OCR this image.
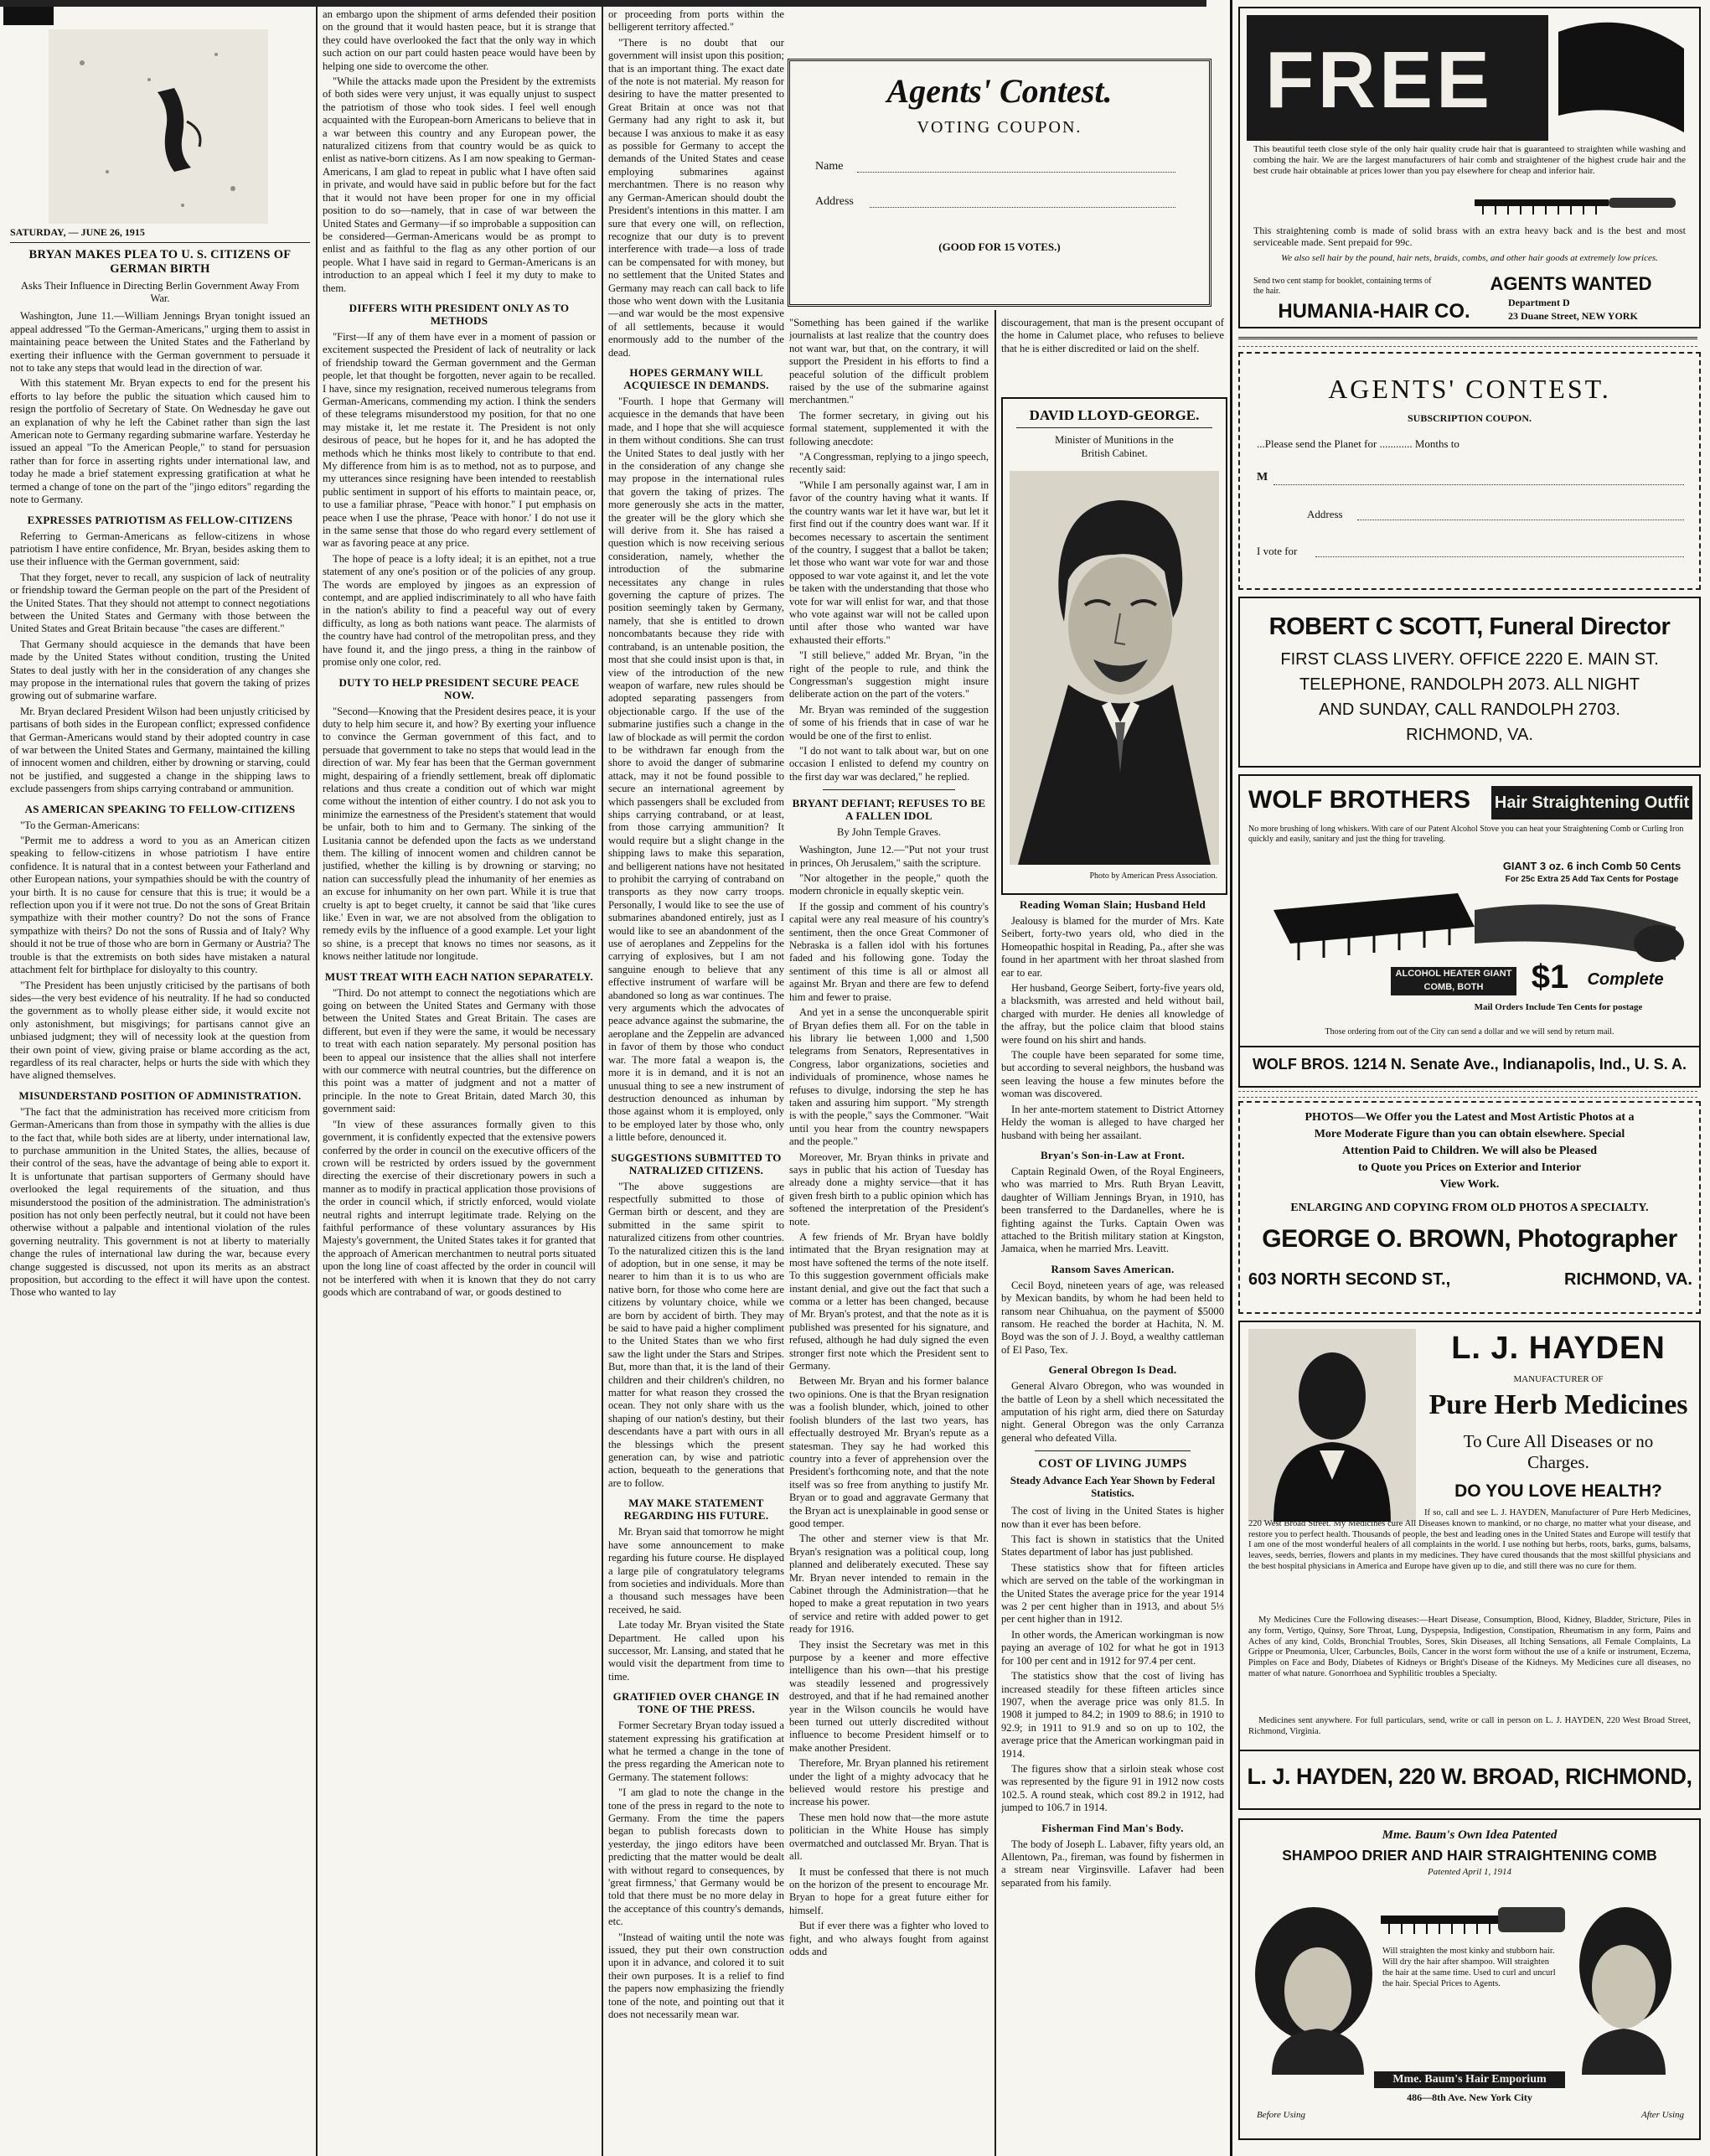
SATURDAY, — JUNE 26, 1915
BRYAN MAKES PLEA TO U. S. CITIZENS OF GERMAN BIRTH
Asks Their Influence in Directing Berlin Government Away From War.

Washington, June 11.—William Jennings Bryan tonight issued an appeal addressed "To the German-Americans," urging them to assist in maintaining peace between the United States and the Fatherland by exerting their influence with the German government to persuade it not to take any steps that would lead in the direction of war.

With this statement Mr. Bryan expects to end for the present his efforts to lay before the public the situation which caused him to resign the portfolio of Secretary of State. On Wednesday he gave out an explanation of why he left the Cabinet rather than sign the last American note to Germany regarding submarine warfare. Yesterday he issued an appeal "To the American People," to stand for persuasion rather than for force in asserting rights under international law, and today he made a brief statement expressing gratification at what he termed a change of tone on the part of the "jingo editors" regarding the note to Germany.

EXPRESSES PATRIOTISM AS FELLOW-CITIZENS

Referring to German-Americans as fellow-citizens in whose patriotism I have entire confidence, Mr. Bryan, besides asking them to use their influence with the German government, said:

That they forget, never to recall, any suspicion of lack of neutrality or friendship toward the German people on the part of the President of the United States. That they should not attempt to connect negotiations between the United States and Germany with those between the United States and Great Britain because "the cases are different."

That Germany should acquiesce in the demands that have been made by the United States without condition, trusting the United States to deal justly with her in the consideration of any changes she may propose in the international rules that govern the taking of prizes growing out of submarine warfare.

Mr. Bryan declared President Wilson had been unjustly criticised by partisans of both sides in the European conflict; expressed confidence that German-Americans would stand by their adopted country in case of war between the United States and Germany, maintained the killing of innocent women and children, either by drowning or starving, could not be justified, and suggested a change in the shipping laws to exclude passengers from ships carrying contraband or ammunition.

AS AMERICAN SPEAKING TO FELLOW-CITIZENS

"To the German-Americans:

"Permit me to address a word to you as an American citizen speaking to fellow-citizens in whose patriotism I have entire confidence. It is natural that in a contest between your Fatherland and other European nations, your sympathies should be with the country of your birth. It is no cause for censure that this is true; it would be a reflection upon you if it were not true. Do not the sons of Great Britain sympathize with their mother country? Do not the sons of France sympathize with theirs? Do not the sons of Russia and of Italy? Why should it not be true of those who are born in Germany or Austria? The trouble is that the extremists on both sides have mistaken a natural attachment felt for birthplace for disloyalty to this country.

"The President has been unjustly criticised by the partisans of both sides—the very best evidence of his neutrality. If he had so conducted the government as to wholly please either side, it would excite not only astonishment, but misgivings; for partisans cannot give an unbiased judgment; they will of necessity look at the question from their own point of view, giving praise or blame according as the act, regardless of its real character, helps or hurts the side with which they have aligned themselves.

MISUNDERSTAND POSITION OF ADMINISTRATION.

"The fact that the administration has received more criticism from German-Americans than from those in sympathy with the allies is due to the fact that, while both sides are at liberty, under international law, to purchase ammunition in the United States, the allies, because of their control of the seas, have the advantage of being able to export it. It is unfortunate that partisan supporters of Germany should have overlooked the legal requirements of the situation, and thus misunderstood the position of the administration. The administration's position has not only been perfectly neutral, but it could not have been otherwise without a palpable and intentional violation of the rules governing neutrality. This government is not at liberty to materially change the rules of international law during the war, because every change suggested is discussed, not upon its merits as an abstract proposition, but according to the effect it will have upon the contest. Those who wanted to lay

an embargo upon the shipment of arms defended their position on the ground that it would hasten peace, but it is strange that they could have overlooked the fact that the only way in which such action on our part could hasten peace would have been by helping one side to overcome the other.

"While the attacks made upon the President by the extremists of both sides were very unjust, it was equally unjust to suspect the patriotism of those who took sides. I feel well enough acquainted with the European-born Americans to believe that in a war between this country and any European power, the naturalized citizens from that country would be as quick to enlist as native-born citizens. As I am now speaking to German-Americans, I am glad to repeat in public what I have often said in private, and would have said in public before but for the fact that it would not have been proper for one in my official position to do so—namely, that in case of war between the United States and Germany—if so improbable a supposition can be considered—German-Americans would be as prompt to enlist and as faithful to the flag as any other portion of our people. What I have said in regard to German-Americans is an introduction to an appeal which I feel it my duty to make to them.

DIFFERS WITH PRESIDENT ONLY AS TO METHODS

"First—If any of them have ever in a moment of passion or excitement suspected the President of lack of neutrality or lack of friendship toward the German government and the German people, let that thought be forgotten, never again to be recalled. I have, since my resignation, received numerous telegrams from German-Americans, commending my action. I think the senders of these telegrams misunderstood my position, for that no one may mistake it, let me restate it. The President is not only desirous of peace, but he hopes for it, and he has adopted the methods which he thinks most likely to contribute to that end. My difference from him is as to method, not as to purpose, and my utterances since resigning have been intended to reestablish public sentiment in support of his efforts to maintain peace, or, to use a familiar phrase, "Peace with honor." I put emphasis on peace when I use the phrase, 'Peace with honor.' I do not use it in the same sense that those do who regard every settlement of war as favoring peace at any price.

The hope of peace is a lofty ideal; it is an epithet, not a true statement of any one's position or of the policies of any group. The words are employed by jingoes as an expression of contempt, and are applied indiscriminately to all who have faith in the nation's ability to find a peaceful way out of every difficulty, as long as both nations want peace. The alarmists of the country have had control of the metropolitan press, and they have found it, and the jingo press, a thing in the rainbow of promise only one color, red.

DUTY TO HELP PRESIDENT SECURE PEACE NOW.

"Second—Knowing that the President desires peace, it is your duty to help him secure it, and how? By exerting your influence to convince the German government of this fact, and to persuade that government to take no steps that would lead in the direction of war. My fear has been that the German government might, despairing of a friendly settlement, break off diplomatic relations and thus create a condition out of which war might come without the intention of either country. I do not ask you to minimize the earnestness of the President's statement that would be unfair, both to him and to Germany. The sinking of the Lusitania cannot be defended upon the facts as we understand them. The killing of innocent women and children cannot be justified, whether the killing is by drowning or starving; no nation can successfully plead the inhumanity of her enemies as an excuse for inhumanity on her own part. While it is true that cruelty is apt to beget cruelty, it cannot be said that 'like cures like.' Even in war, we are not absolved from the obligation to remedy evils by the influence of a good example. Let your light so shine, is a precept that knows no times nor seasons, as it knows neither latitude nor longitude.

MUST TREAT WITH EACH NATION SEPARATELY.

"Third. Do not attempt to connect the negotiations which are going on between the United States and Germany with those between the United States and Great Britain. The cases are different, but even if they were the same, it would be necessary to treat with each nation separately. My personal position has been to appeal our insistence that the allies shall not interfere with our commerce with neutral countries, but the difference on this point was a matter of judgment and not a matter of principle. In the note to Great Britain, dated March 30, this government said:

"In view of these assurances formally given to this government, it is confidently expected that the extensive powers conferred by the order in council on the executive officers of the crown will be restricted by orders issued by the government directing the exercise of their discretionary powers in such a manner as to modify in practical application those provisions of the order in council which, if strictly enforced, would violate neutral rights and interrupt legitimate trade. Relying on the faithful performance of these voluntary assurances by His Majesty's government, the United States takes it for granted that the approach of American merchantmen to neutral ports situated upon the long line of coast affected by the order in council will not be interfered with when it is known that they do not carry goods which are contraband of war, or goods destined to

or proceeding from ports within the belligerent territory affected."

"There is no doubt that our government will insist upon this position; that is an important thing. The exact date of the note is not material. My reason for desiring to have the matter presented to Great Britain at once was not that Germany had any right to ask it, but because I was anxious to make it as easy as possible for Germany to accept the demands of the United States and cease employing submarines against merchantmen. There is no reason why any German-American should doubt the President's intentions in this matter. I am sure that every one will, on reflection, recognize that our duty is to prevent interference with trade—a loss of trade can be compensated for with money, but no settlement that the United States and Germany may reach can call back to life those who went down with the Lusitania—and war would be the most expensive of all settlements, because it would enormously add to the number of the dead.

HOPES GERMANY WILL ACQUIESCE IN DEMANDS.

"Fourth. I hope that Germany will acquiesce in the demands that have been made, and I hope that she will acquiesce in them without conditions. She can trust the United States to deal justly with her in the consideration of any change she may propose in the international rules that govern the taking of prizes. The more generously she acts in the matter, the greater will be the glory which she will derive from it. She has raised a question which is now receiving serious consideration, namely, whether the introduction of the submarine necessitates any change in rules governing the capture of prizes. The position seemingly taken by Germany, namely, that she is entitled to drown noncombatants because they ride with contraband, is an untenable position, the most that she could insist upon is that, in view of the introduction of the new weapon of warfare, new rules should be adopted separating passengers from objectionable cargo. If the use of the submarine justifies such a change in the law of blockade as will permit the cordon to be withdrawn far enough from the shore to avoid the danger of submarine attack, may it not be found possible to secure an international agreement by which passengers shall be excluded from ships carrying contraband, or at least, from those carrying ammunition? It would require but a slight change in the shipping laws to make this separation, and belligerent nations have not hesitated to prohibit the carrying of contraband on transports as they now carry troops. Personally, I would like to see the use of submarines abandoned entirely, just as I would like to see an abandonment of the use of aeroplanes and Zeppelins for the carrying of explosives, but I am not sanguine enough to believe that any effective instrument of warfare will be abandoned so long as war continues. The very arguments which the advocates of peace advance against the submarine, the aeroplane and the Zeppelin are advanced in favor of them by those who conduct war. The more fatal a weapon is, the more it is in demand, and it is not an unusual thing to see a new instrument of destruction denounced as inhuman by those against whom it is employed, only to be employed later by those who, only a little before, denounced it.

SUGGESTIONS SUBMITTED TO NATRALIZED CITIZENS.

"The above suggestions are respectfully submitted to those of German birth or descent, and they are submitted in the same spirit to naturalized citizens from other countries. To the naturalized citizen this is the land of adoption, but in one sense, it may be nearer to him than it is to us who are native born, for those who come here are citizens by voluntary choice, while we are born by accident of birth. They may be said to have paid a higher compliment to the United States than we who first saw the light under the Stars and Stripes. But, more than that, it is the land of their children and their children's children, no matter for what reason they crossed the ocean. They not only share with us the shaping of our nation's destiny, but their descendants have a part with ours in all the blessings which the present generation can, by wise and patriotic action, bequeath to the generations that are to follow.

MAY MAKE STATEMENT REGARDING HIS FUTURE.

Mr. Bryan said that tomorrow he might have some announcement to make regarding his future course. He displayed a large pile of congratulatory telegrams from societies and individuals. More than a thousand such messages have been received, he said.

Late today Mr. Bryan visited the State Department. He called upon his successor, Mr. Lansing, and stated that he would visit the department from time to time.

GRATIFIED OVER CHANGE IN TONE OF THE PRESS.

Former Secretary Bryan today issued a statement expressing his gratification at what he termed a change in the tone of the press regarding the American note to Germany. The statement follows:

"I am glad to note the change in the tone of the press in regard to the note to Germany. From the time the papers began to publish forecasts down to yesterday, the jingo editors have been predicting that the matter would be dealt with without regard to consequences, by 'great firmness,' that Germany would be told that there must be no more delay in the acceptance of this country's demands, etc.

"Instead of waiting until the note was issued, they put their own construction upon it in advance, and colored it to suit their own purposes. It is a relief to find the papers now emphasizing the friendly tone of the note, and pointing out that it does not necessarily mean war.

Agents' Contest.
VOTING COUPON.
Name
Address
(GOOD FOR 15 VOTES.)

"Something has been gained if the warlike journalists at last realize that the country does not want war, but that, on the contrary, it will support the President in his efforts to find a peaceful solution of the difficult problem raised by the use of the submarine against merchantmen."

The former secretary, in giving out his formal statement, supplemented it with the following anecdote:

"A Congressman, replying to a jingo speech, recently said:

"While I am personally against war, I am in favor of the country having what it wants. If the country wants war let it have war, but let it first find out if the country does want war. If it becomes necessary to ascertain the sentiment of the country, I suggest that a ballot be taken; let those who want war vote for war and those opposed to war vote against it, and let the vote be taken with the understanding that those who vote for war will enlist for war, and that those who vote against war will not be called upon until after those who wanted war have exhausted their efforts."

"I still believe," added Mr. Bryan, "in the right of the people to rule, and think the Congressman's suggestion might insure deliberate action on the part of the voters."

Mr. Bryan was reminded of the suggestion of some of his friends that in case of war he would be one of the first to enlist.

"I do not want to talk about war, but on one occasion I enlisted to defend my country on the first day war was declared," he replied.

BRYANT DEFIANT; REFUSES TO BE A FALLEN IDOL
By John Temple Graves.

Washington, June 12.—"Put not your trust in princes, Oh Jerusalem," saith the scripture.

"Nor altogether in the people," quoth the modern chronicle in equally skeptic vein.

If the gossip and comment of his country's capital were any real measure of his country's sentiment, then the once Great Commoner of Nebraska is a fallen idol with his fortunes faded and his following gone. Today the sentiment of this time is all or almost all against Mr. Bryan and there are few to defend him and fewer to praise.

And yet in a sense the unconquerable spirit of Bryan defies them all. For on the table in his library lie between 1,000 and 1,500 telegrams from Senators, Representatives in Congress, labor organizations, societies and individuals of prominence, whose names he refuses to divulge, indorsing the step he has taken and assuring him support. "My strength is with the people," says the Commoner. "Wait until you hear from the country newspapers and the people."

Moreover, Mr. Bryan thinks in private and says in public that his action of Tuesday has already done a mighty service—that it has given fresh birth to a public opinion which has softened the interpretation of the President's note.

A few friends of Mr. Bryan have boldly intimated that the Bryan resignation may at most have softened the terms of the note itself. To this suggestion government officials make instant denial, and give out the fact that such a comma or a letter has been changed, because of Mr. Bryan's protest, and that the note as it is published was presented for his signature, and refused, although he had duly signed the even stronger first note which the President sent to Germany.

Between Mr. Bryan and his former balance two opinions. One is that the Bryan resignation was a foolish blunder, which, joined to other foolish blunders of the last two years, has effectually destroyed Mr. Bryan's repute as a statesman. They say he had worked this country into a fever of apprehension over the President's forthcoming note, and that the note itself was so free from anything to justify Mr. Bryan or to goad and aggravate Germany that the Bryan act is unexplainable in good sense or good temper.

The other and sterner view is that Mr. Bryan's resignation was a political coup, long planned and deliberately executed. These say Mr. Bryan never intended to remain in the Cabinet through the Administration—that he hoped to make a great reputation in two years of service and retire with added power to get ready for 1916.

They insist the Secretary was met in this purpose by a keener and more effective intelligence than his own—that his prestige was steadily lessened and progressively destroyed, and that if he had remained another year in the Wilson councils he would have been turned out utterly discredited without influence to become President himself or to make another President.

Therefore, Mr. Bryan planned his retirement under the light of a mighty advocacy that he believed would restore his prestige and increase his power.

These men hold now that—the more astute politician in the White House has simply overmatched and outclassed Mr. Bryan. That is all.

It must be confessed that there is not much on the horizon of the present to encourage Mr. Bryan to hope for a great future either for himself.

But if ever there was a fighter who loved to fight, and who always fought from against odds and

discouragement, that man is the present occupant of the home in Calumet place, who refuses to believe that he is either discredited or laid on the shelf.

DAVID LLOYD-GEORGE.
Minister of Munitions in the
British Cabinet.
Photo by American Press Association.
Reading Woman Slain; Husband Held

Jealousy is blamed for the murder of Mrs. Kate Seibert, forty-two years old, who died in the Homeopathic hospital in Reading, Pa., after she was found in her apartment with her throat slashed from ear to ear.

Her husband, George Seibert, forty-five years old, a blacksmith, was arrested and held without bail, charged with murder. He denies all knowledge of the affray, but the police claim that blood stains were found on his shirt and hands.

The couple have been separated for some time, but according to several neighbors, the husband was seen leaving the house a few minutes before the woman was discovered.

In her ante-mortem statement to District Attorney Heldy the woman is alleged to have charged her husband with being her assailant.

Bryan's Son-in-Law at Front.

Captain Reginald Owen, of the Royal Engineers, who was married to Mrs. Ruth Bryan Leavitt, daughter of William Jennings Bryan, in 1910, has been transferred to the Dardanelles, where he is fighting against the Turks. Captain Owen was attached to the British military station at Kingston, Jamaica, when he married Mrs. Leavitt.

Ransom Saves American.

Cecil Boyd, nineteen years of age, was released by Mexican bandits, by whom he had been held to ransom near Chihuahua, on the payment of $5000 ransom. He reached the border at Hachita, N. M. Boyd was the son of J. J. Boyd, a wealthy cattleman of El Paso, Tex.

General Obregon Is Dead.

General Alvaro Obregon, who was wounded in the battle of Leon by a shell which necessitated the amputation of his right arm, died there on Saturday night. General Obregon was the only Carranza general who defeated Villa.

COST OF LIVING JUMPS
Steady Advance Each Year Shown by Federal Statistics.

The cost of living in the United States is higher now than it ever has been before.

This fact is shown in statistics that the United States department of labor has just published.

These statistics show that for fifteen articles which are served on the table of the workingman in the United States the average price for the year 1914 was 2 per cent higher than in 1913, and about 5⅓ per cent higher than in 1912.

In other words, the American workingman is now paying an average of 102 for what he got in 1913 for 100 per cent and in 1912 for 97.4 per cent.

The statistics show that the cost of living has increased steadily for these fifteen articles since 1907, when the average price was only 81.5. In 1908 it jumped to 84.2; in 1909 to 88.6; in 1910 to 92.9; in 1911 to 91.9 and so on up to 102, the average price that the American workingman paid in 1914.

The figures show that a sirloin steak whose cost was represented by the figure 91 in 1912 now costs 102.5. A round steak, which cost 89.2 in 1912, had jumped to 106.7 in 1914.

Fisherman Find Man's Body.

The body of Joseph L. Labaver, fifty years old, an Allentown, Pa., fireman, was found by fishermen in a stream near Virginsville. Lafaver had been separated from his family.

FREE
This beautiful teeth close style of the only hair quality crude hair that is guaranteed to straighten while washing and combing the hair. We are the largest manufacturers of hair comb and straightener of the highest crude hair and the best crude hair obtainable at prices lower than you pay elsewhere for cheap and inferior hair.
This straightening comb is made of solid brass with an extra heavy back and is the best and most serviceable made. Sent prepaid for 99c.
We also sell hair by the pound, hair nets, braids, combs, and other hair goods at extremely low prices.
Send two cent stamp for booklet, containing terms of the hair.	AGENTS WANTED
HUMANIA-HAIR CO.	Department D
23 Duane Street, NEW YORK
AGENTS' CONTEST.
SUBSCRIPTION COUPON.
...Please send the Planet for ............ Months to
M
Address
I vote for
ROBERT C SCOTT, Funeral Director
FIRST CLASS LIVERY. OFFICE 2220 E. MAIN ST.
TELEPHONE, RANDOLPH 2073. ALL NIGHT
AND SUNDAY, CALL RANDOLPH 2703.
RICHMOND, VA.
WOLF BROTHERS	Hair Straightening Outfit
No more brushing of long whiskers. With care of our Patent Alcohol Stove you can heat your Straightening Comb or Curling Iron quickly and easily, sanitary and just the thing for traveling.
GIANT 3 oz. 6 inch Comb 50 Cents
For 25c Extra 25 Add Tax Cents for Postage
ALCOHOL HEATER GIANT COMB, BOTH	$1	Complete
Mail Orders Include Ten Cents for postage
Those ordering from out of the City can send a dollar and we will send by return mail.
WOLF BROS. 1214 N. Senate Ave., Indianapolis, Ind., U. S. A.
PHOTOS—We Offer you the Latest and Most Artistic Photos at a
More Moderate Figure than you can obtain elsewhere. Special
Attention Paid to Children. We will also be Pleased
to Quote you Prices on Exterior and Interior
View Work.
ENLARGING AND COPYING FROM OLD PHOTOS A SPECIALTY.
GEORGE O. BROWN, Photographer
603 NORTH SECOND ST.,	RICHMOND, VA.
L. J. HAYDEN
MANUFACTURER OF
Pure Herb Medicines
To Cure All Diseases or no Charges.
DO YOU LOVE HEALTH?
If so, call and see L. J. HAYDEN, Manufacturer of Pure Herb Medicines, 220 West Broad Street. My Medicines cure All Diseases known to mankind, or no charge, no matter what your disease, and restore you to perfect health. Thousands of people, the best and leading ones in the United States and Europe will testify that I am one of the most wonderful healers of all complaints in the world. I use nothing but herbs, roots, barks, gums, balsams, leaves, seeds, berries, flowers and plants in my medicines. They have cured thousands that the most skillful physicians and the best hospital physicians in America and Europe have given up to die, and still there was no cure for them.
My Medicines Cure the Following diseases:—Heart Disease, Consumption, Blood, Kidney, Bladder, Stricture, Piles in any form, Vertigo, Quinsy, Sore Throat, Lung, Dyspepsia, Indigestion, Constipation, Rheumatism in any form, Pains and Aches of any kind, Colds, Bronchial Troubles, Sores, Skin Diseases, all Itching Sensations, all Female Complaints, La Grippe or Pneumonia, Ulcer, Carbuncles, Boils, Cancer in the worst form without the use of a knife or instrument, Eczema, Pimples on Face and Body, Diabetes of Kidneys or Bright's Disease of the Kidneys. My Medicines cure all diseases, no matter of what nature. Gonorrhoea and Syphilitic troubles a Specialty.
Medicines sent anywhere. For full particulars, send, write or call in person on L. J. HAYDEN, 220 West Broad Street, Richmond, Virginia.
L. J. HAYDEN, 220 W. BROAD, RICHMOND,
Mme. Baum's Own Idea Patented
SHAMPOO DRIER AND HAIR STRAIGHTENING COMB
Patented April 1, 1914
Will straighten the most kinky and stubborn hair. Will dry the hair after shampoo. Will straighten the hair at the same time. Used to curl and uncurl the hair. Special Prices to Agents.
Mme. Baum's Hair Emporium
486—8th Ave. New York City
Before Using	After Using
